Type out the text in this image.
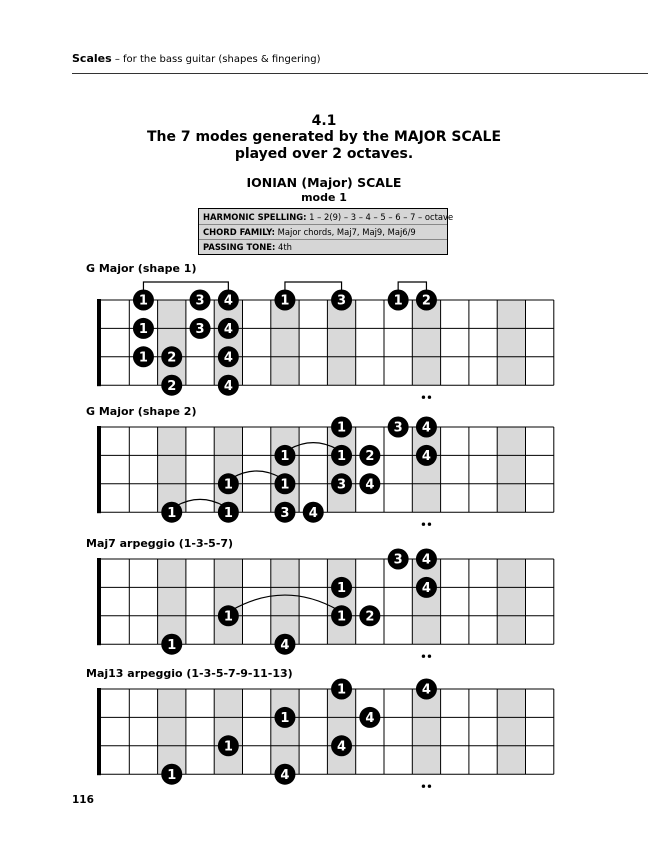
Scales – for the bass guitar (shapes & fingering)
4.1
The 7 modes generated by the MAJOR SCALE
played over 2 octaves.
IONIAN (Major) SCALE
mode 1
HARMONIC SPELLING: 1 – 2(9) – 3 – 4 – 5 – 6 – 7 – octave
CHORD FAMILY: Major chords, Maj7, Maj9, Maj6/9
PASSING TONE: 4th
G Major (shape 1)
1	3 4	1	3	1 2
1	3 4
1 2	4
2	4
G Major (shape 2)
1	3 4
1	1 2	4
1	1	3 4
1	1	3 4
Maj7 arpeggio (1-3-5-7)
3 4
1	4
1	1 2
1	4
Maj13 arpeggio (1-3-5-7-9-11-13)
1	4
1	4
1	4
1	4
116
